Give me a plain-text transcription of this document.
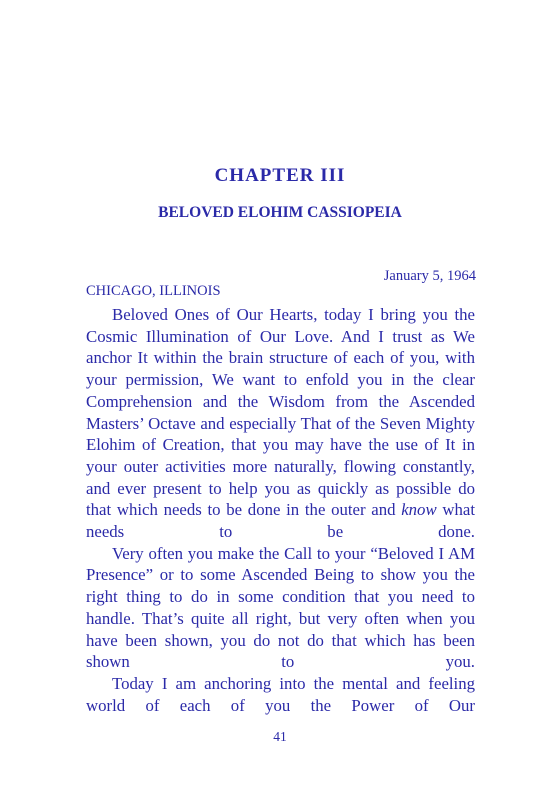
CHAPTER III
BELOVED ELOHIM CASSIOPEIA
January 5, 1964
CHICAGO, ILLINOIS

Beloved Ones of Our Hearts, today I bring you the Cosmic Illumination of Our Love. And I trust as We anchor It within the brain structure of each of you, with your permission, We want to enfold you in the clear Comprehension and the Wisdom from the Ascended Masters’ Octave and especially That of the Seven Mighty Elohim of Creation, that you may have the use of It in your outer activities more naturally, flowing constantly, and ever present to help you as quickly as possible do that which needs to be done in the outer and know what needs to be done.

Very often you make the Call to your “Beloved I AM Presence” or to some Ascended Being to show you the right thing to do in some condition that you need to handle. That’s quite all right, but very often when you have been shown, you do not do that which has been shown to you.

Today I am anchoring into the mental and feeling world of each of you the Power of Our

41
